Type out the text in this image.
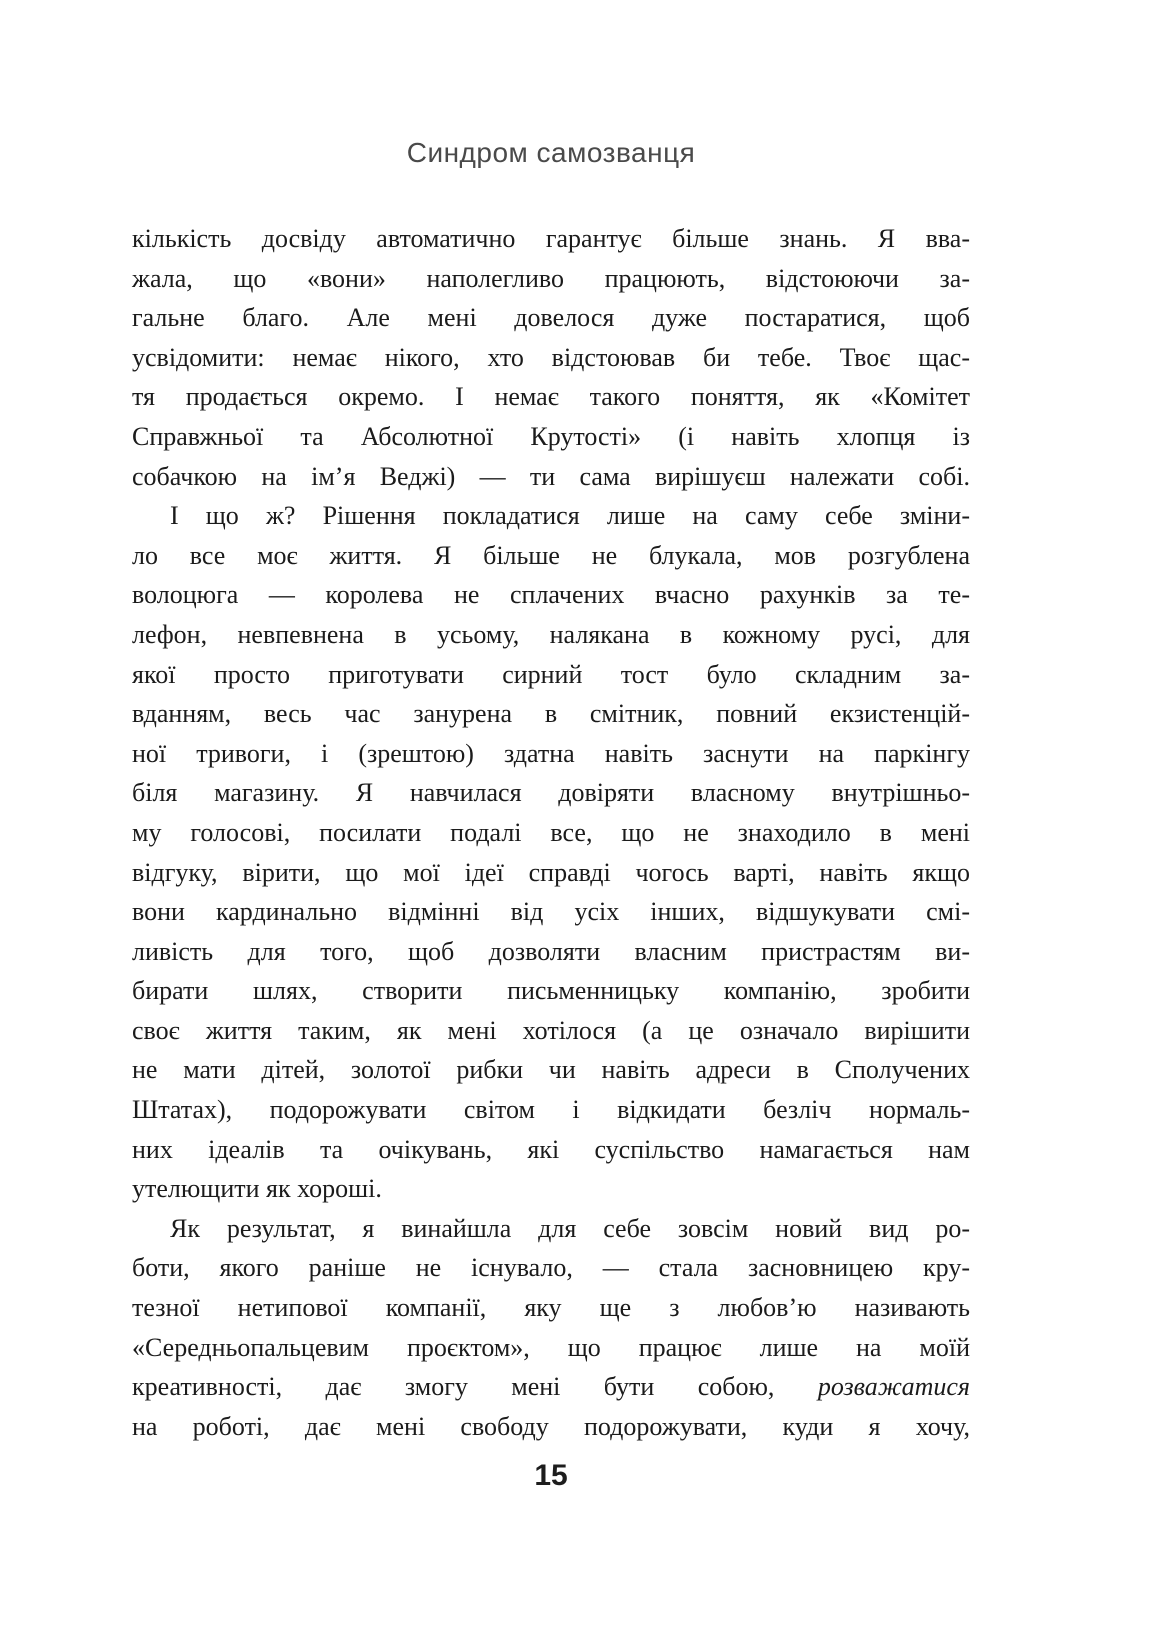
Синдром самозванця
кількість досвіду автоматично гарантує більше знань. Я вва-
жала, що «вони» наполегливо працюють, відстоюючи за-
гальне благо. Але мені довелося дуже постаратися, щоб
усвідомити: немає нікого, хто відстоював би тебе. Твоє щас-
тя продається окремо. І немає такого поняття, як «Комітет
Справжньої та Абсолютної Крутості» (і навіть хлопця із
собачкою на ім’я Веджі) — ти сама вирішуєш належати собі.
І що ж? Рішення покладатися лише на саму себе зміни-
ло все моє життя. Я більше не блукала, мов розгублена
волоцюга — королева не сплачених вчасно рахунків за те-
лефон, невпевнена в усьому, налякана в кожному русі, для
якої просто приготувати сирний тост було складним за-
вданням, весь час занурена в смітник, повний екзистенцій-
ної тривоги, і (зрештою) здатна навіть заснути на паркінгу
біля магазину. Я навчилася довіряти власному внутрішньо-
му голосові, посилати подалі все, що не знаходило в мені
відгуку, вірити, що мої ідеї справді чогось варті, навіть якщо
вони кардинально відмінні від усіх інших, відшукувати смі-
ливість для того, щоб дозволяти власним пристрастям ви-
бирати шлях, створити письменницьку компанію, зробити
своє життя таким, як мені хотілося (а це означало вирішити
не мати дітей, золотої рибки чи навіть адреси в Сполучених
Штатах), подорожувати світом і відкидати безліч нормаль-
них ідеалів та очікувань, які суспільство намагається нам
утелющити як хороші.
Як результат, я винайшла для себе зовсім новий вид ро-
боти, якого раніше не існувало, — стала засновницею кру-
тезної нетипової компанії, яку ще з любов’ю називають
«Середньопальцевим проєктом», що працює лише на моїй
креативності, дає змогу мені бути собою, розважатися
на роботі, дає мені свободу подорожувати, куди я хочу,
15
